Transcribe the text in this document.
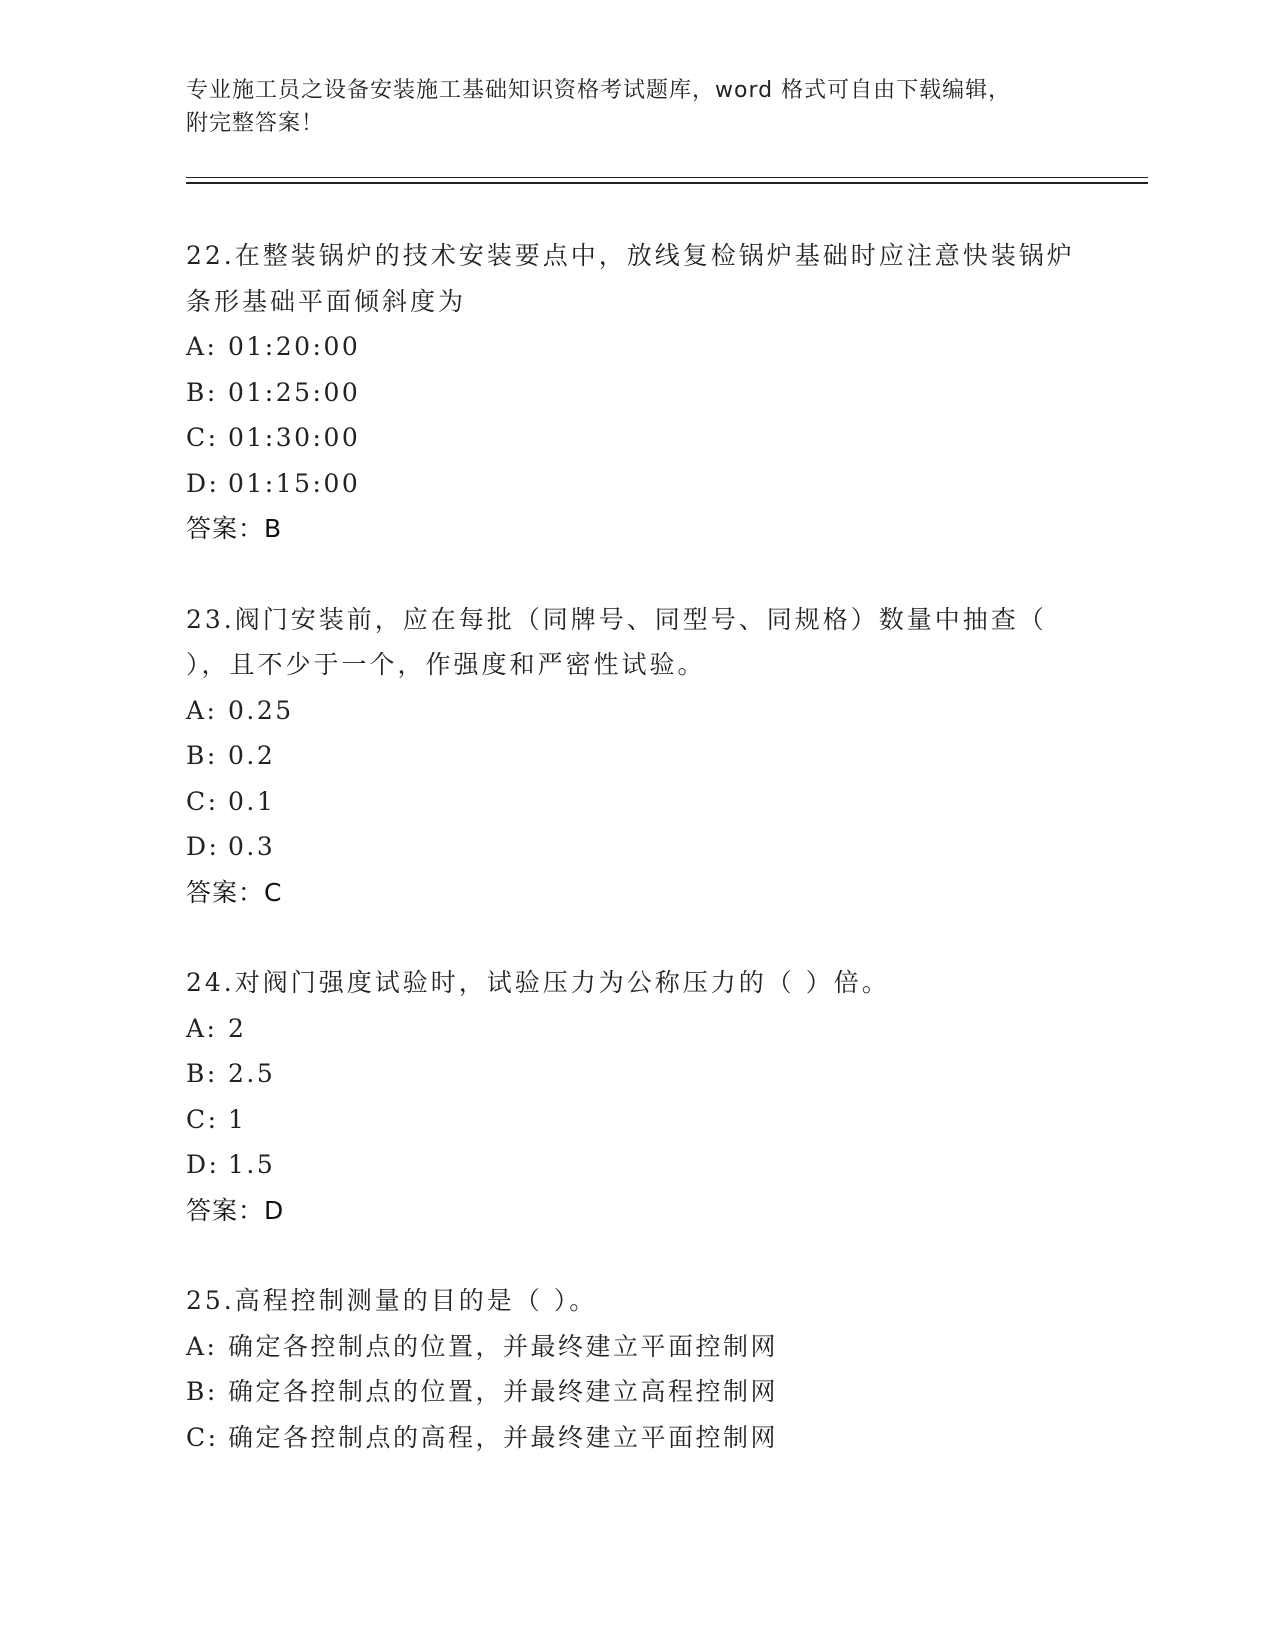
专业施工员之设备安装施工基础知识资格考试题库，word 格式可自由下载编辑，
附完整答案！
22.在整装锅炉的技术安装要点中，放线复检锅炉基础时应注意快装锅炉条形基础平面倾斜度为
A: 01:20:00
B: 01:25:00
C: 01:30:00
D: 01:15:00
答案：B
23.阀门安装前，应在每批（同牌号、同型号、同规格）数量中抽查（ ），且不少于一个，作强度和严密性试验。
A: 0.25
B: 0.2
C: 0.1
D: 0.3
答案：C
24.对阀门强度试验时，试验压力为公称压力的（ ）倍。
A: 2
B: 2.5
C: 1
D: 1.5
答案：D
25.高程控制测量的目的是（ ）。
A: 确定各控制点的位置，并最终建立平面控制网
B: 确定各控制点的位置，并最终建立高程控制网
C: 确定各控制点的高程，并最终建立平面控制网
